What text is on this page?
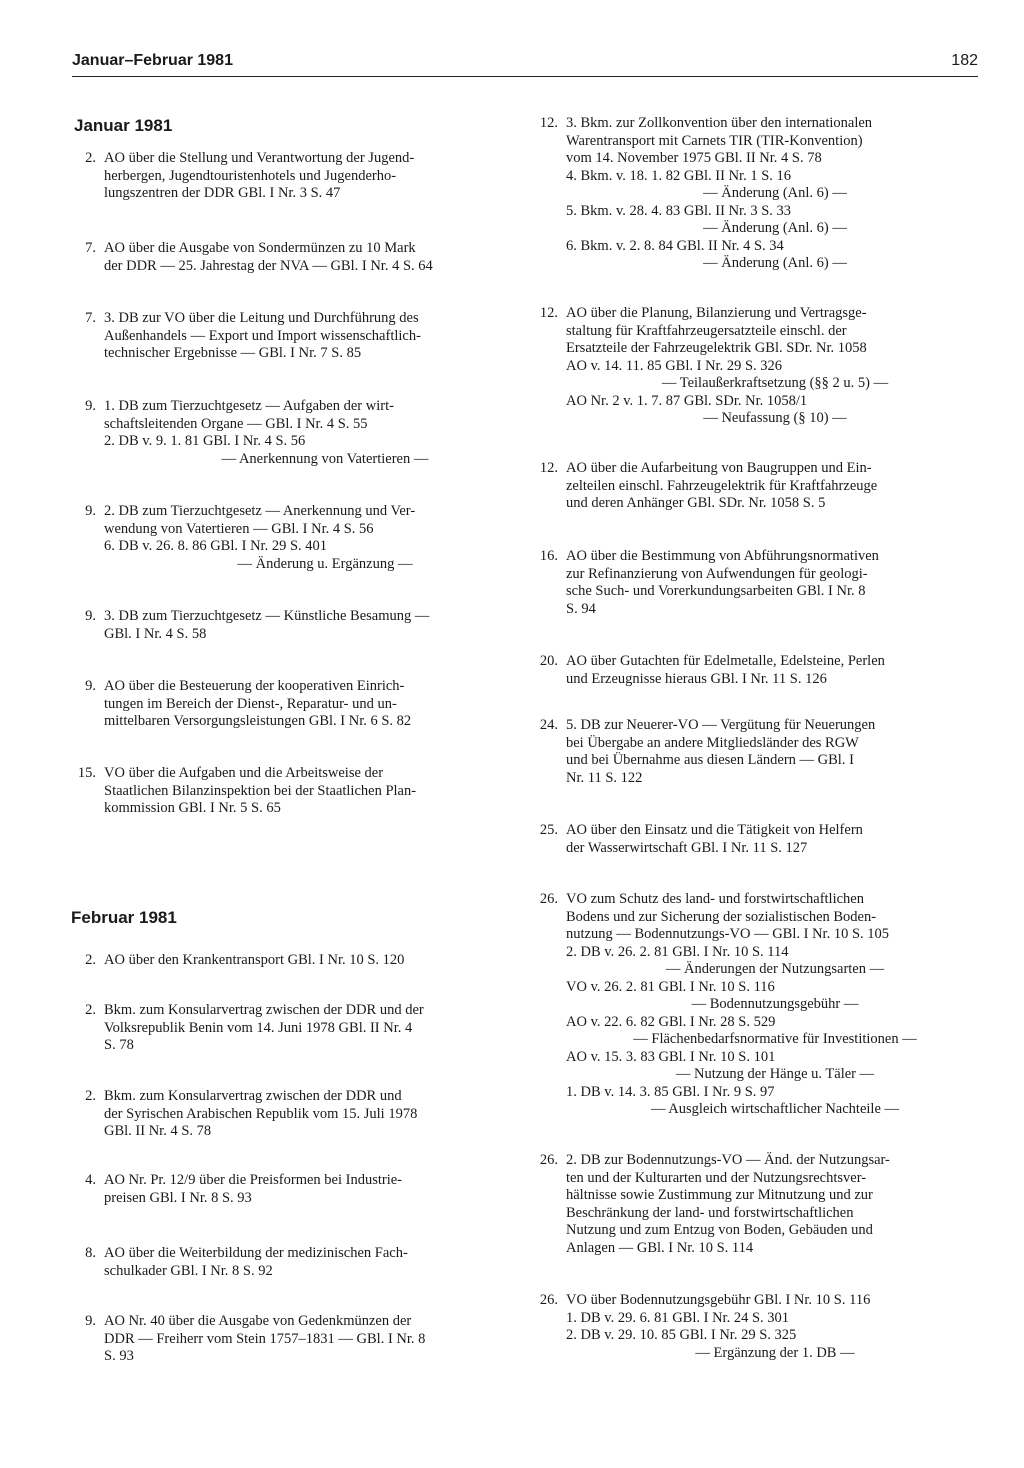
Januar–Februar 1981	182
Januar 1981
Februar 1981
2. AO über die Stellung und Verantwortung der Jugend-
herbergen, Jugendtouristenhotels und Jugenderho-
lungszentren der DDR GBl. I Nr. 3 S. 47
7. AO über die Ausgabe von Sondermünzen zu 10 Mark
der DDR — 25. Jahrestag der NVA — GBl. I Nr. 4 S. 64
7. 3. DB zur VO über die Leitung und Durchführung des
Außenhandels — Export und Import wissenschaftlich-
technischer Ergebnisse — GBl. I Nr. 7 S. 85
9. 1. DB zum Tierzuchtgesetz — Aufgaben der wirt-
schaftsleitenden Organe — GBl. I Nr. 4 S. 55
2. DB v. 9. 1. 81 GBl. I Nr. 4 S. 56
— Anerkennung von Vatertieren —
9. 2. DB zum Tierzuchtgesetz — Anerkennung und Ver-
wendung von Vatertieren — GBl. I Nr. 4 S. 56
6. DB v. 26. 8. 86 GBl. I Nr. 29 S. 401
— Änderung u. Ergänzung —
9. 3. DB zum Tierzuchtgesetz — Künstliche Besamung —
GBl. I Nr. 4 S. 58
9. AO über die Besteuerung der kooperativen Einrich-
tungen im Bereich der Dienst-, Reparatur- und un-
mittelbaren Versorgungsleistungen GBl. I Nr. 6 S. 82
15. VO über die Aufgaben und die Arbeitsweise der
Staatlichen Bilanzinspektion bei der Staatlichen Plan-
kommission GBl. I Nr. 5 S. 65
2. AO über den Krankentransport GBl. I Nr. 10 S. 120
2. Bkm. zum Konsularvertrag zwischen der DDR und der
Volksrepublik Benin vom 14. Juni 1978 GBl. II Nr. 4
S. 78
2. Bkm. zum Konsularvertrag zwischen der DDR und
der Syrischen Arabischen Republik vom 15. Juli 1978
GBl. II Nr. 4 S. 78
4. AO Nr. Pr. 12/9 über die Preisformen bei Industrie-
preisen GBl. I Nr. 8 S. 93
8. AO über die Weiterbildung der medizinischen Fach-
schulkader GBl. I Nr. 8 S. 92
9. AO Nr. 40 über die Ausgabe von Gedenkmünzen der
DDR — Freiherr vom Stein 1757–1831 — GBl. I Nr. 8
S. 93
12. 3. Bkm. zur Zollkonvention über den internationalen
Warentransport mit Carnets TIR (TIR-Konvention)
vom 14. November 1975 GBl. II Nr. 4 S. 78
4. Bkm. v. 18. 1. 82 GBl. II Nr. 1 S. 16
— Änderung (Anl. 6) —
5. Bkm. v. 28. 4. 83 GBl. II Nr. 3 S. 33
— Änderung (Anl. 6) —
6. Bkm. v. 2. 8. 84 GBl. II Nr. 4 S. 34
— Änderung (Anl. 6) —
12. AO über die Planung, Bilanzierung und Vertragsge-
staltung für Kraftfahrzeugersatzteile einschl. der
Ersatzteile der Fahrzeugelektrik GBl. SDr. Nr. 1058
AO v. 14. 11. 85 GBl. I Nr. 29 S. 326
— Teilaußerkraftsetzung (§§ 2 u. 5) —
AO Nr. 2 v. 1. 7. 87 GBl. SDr. Nr. 1058/1
— Neufassung (§ 10) —
12. AO über die Aufarbeitung von Baugruppen und Ein-
zelteilen einschl. Fahrzeugelektrik für Kraftfahrzeuge
und deren Anhänger GBl. SDr. Nr. 1058 S. 5
16. AO über die Bestimmung von Abführungsnormativen
zur Refinanzierung von Aufwendungen für geologi-
sche Such- und Vorerkundungsarbeiten GBl. I Nr. 8
S. 94
20. AO über Gutachten für Edelmetalle, Edelsteine, Perlen
und Erzeugnisse hieraus GBl. I Nr. 11 S. 126
24. 5. DB zur Neuerer-VO — Vergütung für Neuerungen
bei Übergabe an andere Mitgliedsländer des RGW
und bei Übernahme aus diesen Ländern — GBl. I
Nr. 11 S. 122
25. AO über den Einsatz und die Tätigkeit von Helfern
der Wasserwirtschaft GBl. I Nr. 11 S. 127
26. VO zum Schutz des land- und forstwirtschaftlichen
Bodens und zur Sicherung der sozialistischen Boden-
nutzung — Bodennutzungs-VO — GBl. I Nr. 10 S. 105
2. DB v. 26. 2. 81 GBl. I Nr. 10 S. 114
— Änderungen der Nutzungsarten —
VO v. 26. 2. 81 GBl. I Nr. 10 S. 116
— Bodennutzungsgebühr —
AO v. 22. 6. 82 GBl. I Nr. 28 S. 529
— Flächenbedarfsnormative für Investitionen —
AO v. 15. 3. 83 GBl. I Nr. 10 S. 101
— Nutzung der Hänge u. Täler —
1. DB v. 14. 3. 85 GBl. I Nr. 9 S. 97
— Ausgleich wirtschaftlicher Nachteile —
26. 2. DB zur Bodennutzungs-VO — Änd. der Nutzungsar-
ten und der Kulturarten und der Nutzungsrechtsver-
hältnisse sowie Zustimmung zur Mitnutzung und zur
Beschränkung der land- und forstwirtschaftlichen
Nutzung und zum Entzug von Boden, Gebäuden und
Anlagen — GBl. I Nr. 10 S. 114
26. VO über Bodennutzungsgebühr GBl. I Nr. 10 S. 116
1. DB v. 29. 6. 81 GBl. I Nr. 24 S. 301
2. DB v. 29. 10. 85 GBl. I Nr. 29 S. 325
— Ergänzung der 1. DB —
